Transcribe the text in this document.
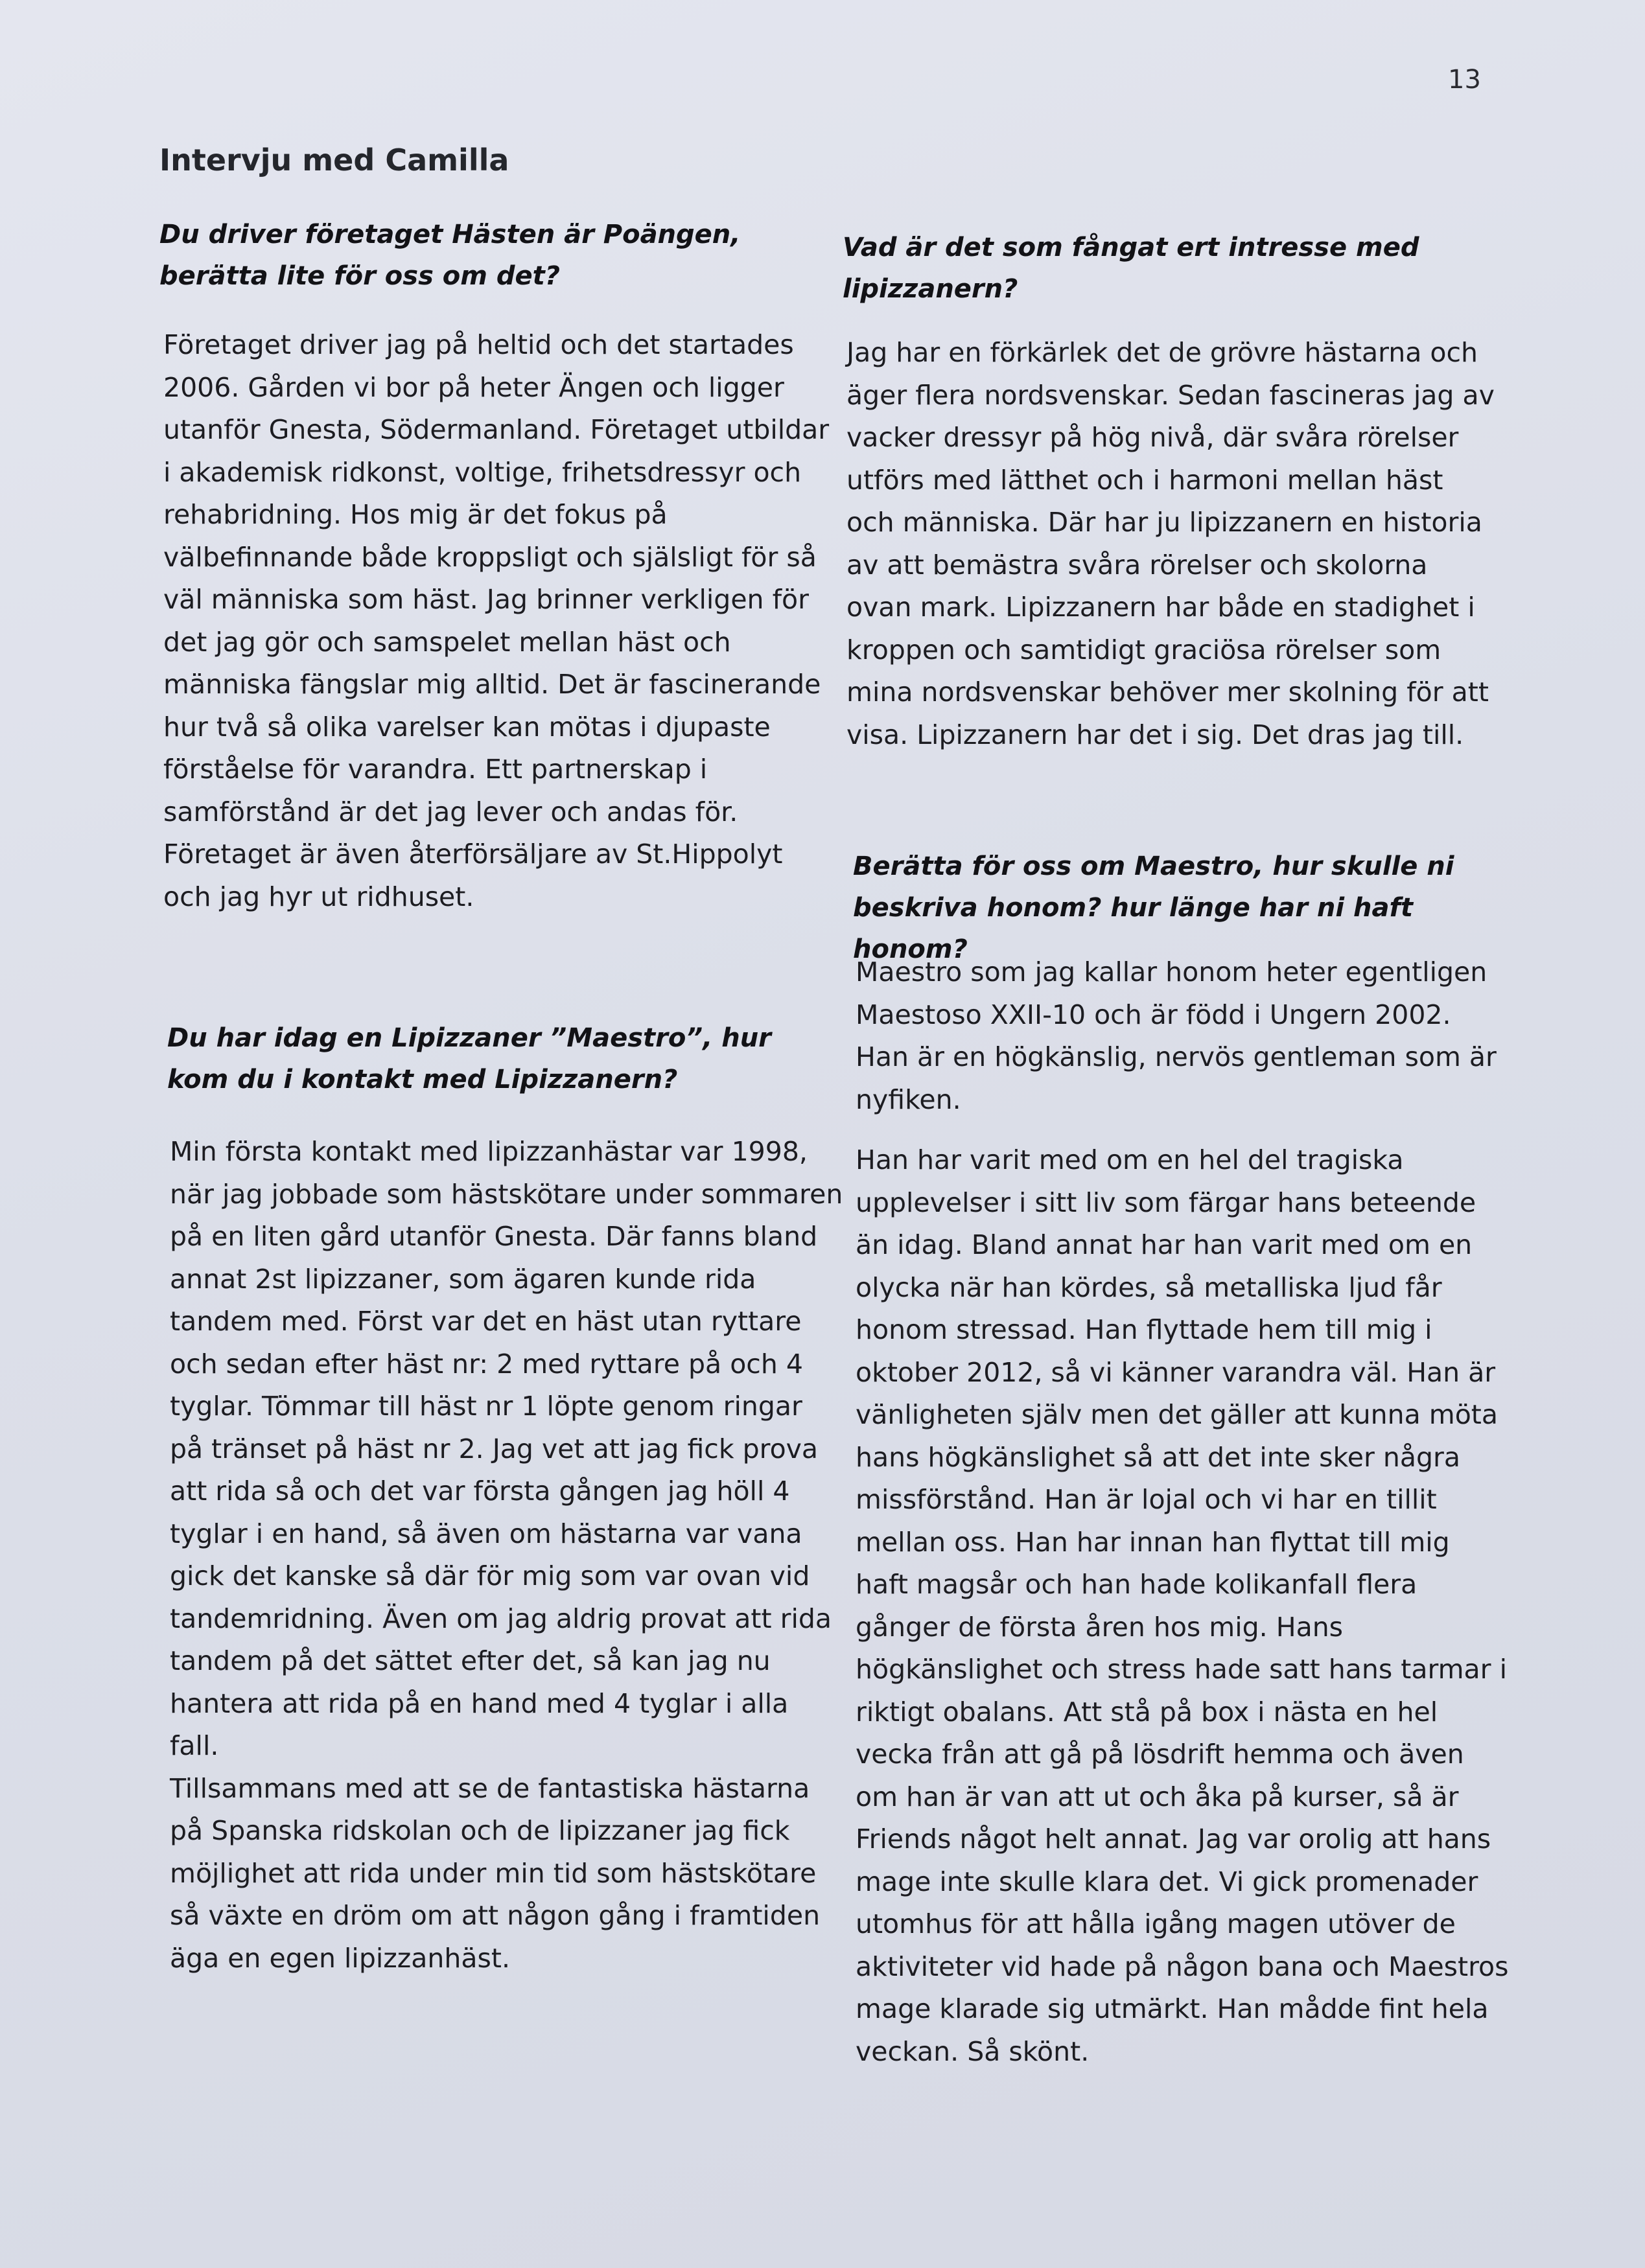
13
Intervju med Camilla

Du driver företaget Hästen är Poängen, berätta lite för oss om det?

Företaget driver jag på heltid och det startades 2006. Gården vi bor på heter Ängen och ligger utanför Gnesta, Södermanland. Företaget utbildar i akademisk ridkonst, voltige, frihetsdressyr och rehabridning. Hos mig är det fokus på välbefinnande både kroppsligt och själsligt för så väl människa som häst. Jag brinner verkligen för det jag gör och samspelet mellan häst och människa fängslar mig alltid. Det är fascinerande hur två så olika varelser kan mötas i djupaste förståelse för varandra. Ett partnerskap i samförstånd är det jag lever och andas för. Företaget är även återförsäljare av St.Hippolyt och jag hyr ut ridhuset.

Du har idag en Lipizzaner ”Maestro”, hur kom du i kontakt med Lipizzanern?

Min första kontakt med lipizzanhästar var 1998, när jag jobbade som hästskötare under sommaren på en liten gård utanför Gnesta. Där fanns bland annat 2st lipizzaner, som ägaren kunde rida tandem med. Först var det en häst utan ryttare och sedan efter häst nr: 2 med ryttare på och 4 tyglar. Tömmar till häst nr 1 löpte genom ringar på tränset på häst nr 2. Jag vet att jag fick prova att rida så och det var första gången jag höll 4 tyglar i en hand, så även om hästarna var vana gick det kanske så där för mig som var ovan vid tandemridning. Även om jag aldrig provat att rida tandem på det sättet efter det, så kan jag nu hantera att rida på en hand med 4 tyglar i alla fall.

Tillsammans med att se de fantastiska hästarna på Spanska ridskolan och de lipizzaner jag fick möjlighet att rida under min tid som hästskötare så växte en dröm om att någon gång i framtiden äga en egen lipizzanhäst.

Vad är det som fångat ert intresse med lipizzanern?

Jag har en förkärlek det de grövre hästarna och äger flera nordsvenskar. Sedan fascineras jag av vacker dressyr på hög nivå, där svåra rörelser utförs med lätthet och i harmoni mellan häst och människa. Där har ju lipizzanern en historia av att bemästra svåra rörelser och skolorna ovan mark. Lipizzanern har både en stadighet i kroppen och samtidigt graciösa rörelser som mina nordsvenskar behöver mer skolning för att visa. Lipizzanern har det i sig. Det dras jag till.

Berätta för oss om Maestro, hur skulle ni beskriva honom? hur länge har ni haft honom?

Maestro som jag kallar honom heter egentligen Maestoso XXII-10 och är född i Ungern 2002. Han är en högkänslig, nervös gentleman som är nyfiken.

Han har varit med om en hel del tragiska upplevelser i sitt liv som färgar hans beteende än idag. Bland annat har han varit med om en olycka när han kördes, så metalliska ljud får honom stressad. Han flyttade hem till mig i oktober 2012, så vi känner varandra väl. Han är vänligheten själv men det gäller att kunna möta hans högkänslighet så att det inte sker några missförstånd. Han är lojal och vi har en tillit mellan oss. Han har innan han flyttat till mig haft magsår och han hade kolikanfall flera gånger de första åren hos mig. Hans högkänslighet och stress hade satt hans tarmar i riktigt obalans. Att stå på box i nästa en hel vecka från att gå på lösdrift hemma och även om han är van att ut och åka på kurser, så är Friends något helt annat. Jag var orolig att hans mage inte skulle klara det. Vi gick promenader utomhus för att hålla igång magen utöver de aktiviteter vid hade på någon bana och Maestros mage klarade sig utmärkt. Han mådde fint hela veckan. Så skönt.
